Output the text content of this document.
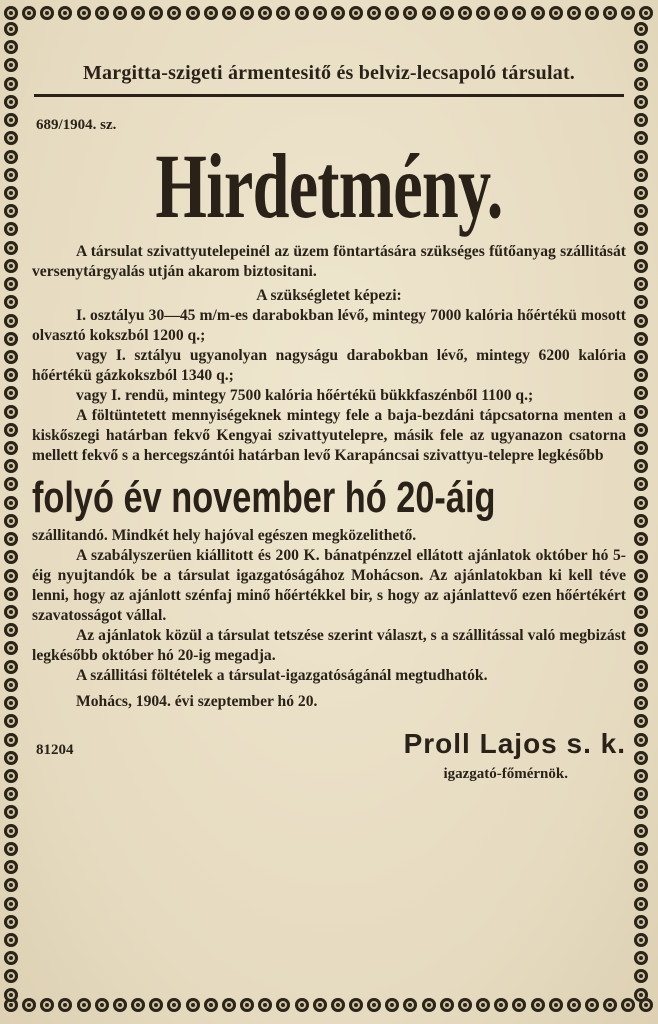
Margitta-szigeti ármentesitő és belviz-lecsapoló társulat.
689/1904. sz.
Hirdetmény.
A társulat szivattyutelepeinél az üzem föntartására szükséges fűtőanyag szállitását versenytárgyalás utján akarom biztositani.
A szükségletet képezi:
I. osztályu 30—45 m/m-es darabokban lévő, mintegy 7000 kalória hőértékü mosott olvasztó kokszból 1200 q.;
vagy I. sztályu ugyanolyan nagyságu darabokban lévő, mintegy 6200 kalória hőértékü gázkokszból 1340 q.;
vagy I. rendü, mintegy 7500 kalória hőértékü bükkfaszénből 1100 q.;
A föltüntetett mennyiségeknek mintegy fele a baja-bezdáni tápcsatorna menten a kiskőszegi határban fekvő Kengyai szivattyutelepre, másik fele az ugyanazon csatorna mellett fekvő s a hercegszántói határban levő Karapáncsai szivattyu-telepre legkésőbb
folyó év november hó 20-áig
szállitandó. Mindkét hely hajóval egészen megközelithető.
A szabályszerüen kiállitott és 200 K. bánatpénzzel ellátott ajánlatok október hó 5-éig nyujtandók be a társulat igazgatóságához Mohácson. Az ajánlatokban ki kell téve lenni, hogy az ajánlott szénfaj minő hőértékkel bir, s hogy az ajánlattevő ezen hőértékért szavatosságot vállal.
Az ajánlatok közül a társulat tetszése szerint választ, s a szállitással való megbizást legkésőbb október hó 20-ig megadja.
A szállitási föltételek a társulat-igazgatóságánál megtudhatók.
Mohács, 1904. évi szeptember hó 20.
81204	Proll Lajos s. k.
igazgató-főmérnök.
